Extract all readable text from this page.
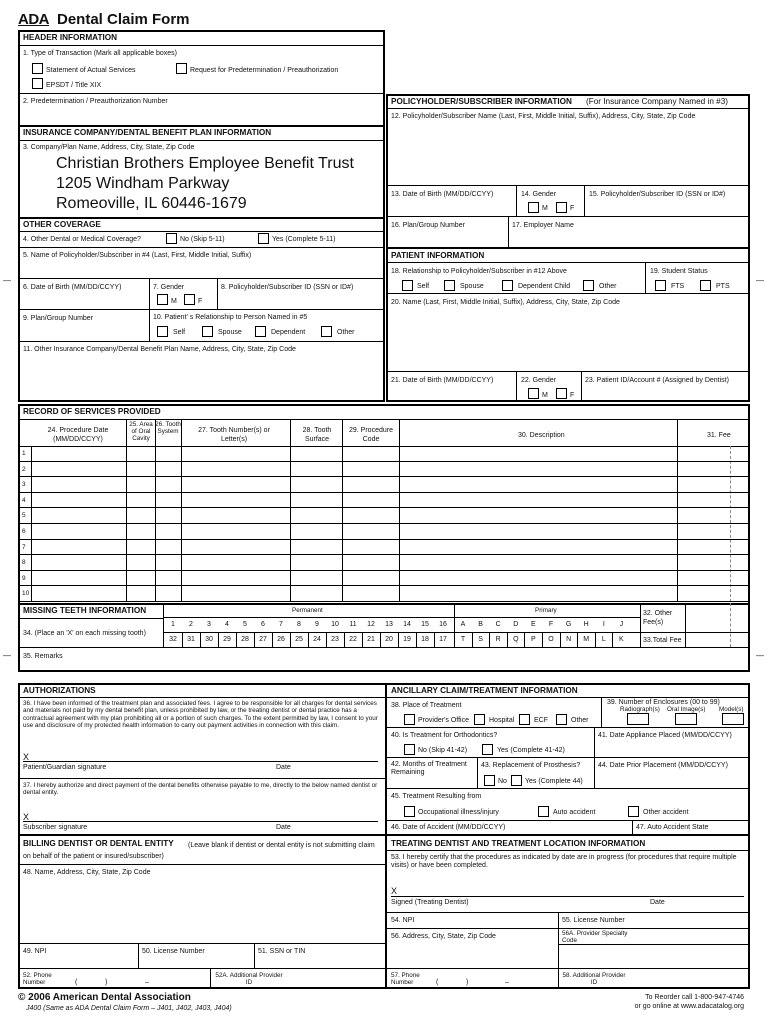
ADA Dental Claim Form
HEADER INFORMATION
1. Type of Transaction (Mark all applicable boxes)
Statement of Actual Services	Request for Predetermination / Preauthorization
EPSDT / Title XIX
2. Predetermination / Preauthorization Number
INSURANCE COMPANY/DENTAL BENEFIT PLAN INFORMATION
3. Company/Plan Name, Address, City, State, Zip Code
Christian Brothers Employee Benefit Trust
1205 Windham Parkway
Romeoville, IL 60446-1679
OTHER COVERAGE
4. Other Dental or Medical Coverage?	No (Skip 5-11)	Yes (Complete 5-11)
5. Name of Policyholder/Subscriber in #4 (Last, First, Middle Initial, Suffix)
6. Date of Birth (MM/DD/CCYY)	7. Gender
M	F
8. Policyholder/Subscriber ID (SSN or ID#)
9. Plan/Group Number	10. Patient' s Relationship to Person Named in #5
Self	Spouse	Dependent	Other
11. Other Insurance Company/Dental Benefit Plan Name, Address, City, State, Zip Code
POLICYHOLDER/SUBSCRIBER INFORMATION (For Insurance Company Named in #3)
12. Policyholder/Subscriber Name (Last, First, Middle Initial, Suffix), Address, City, State, Zip Code
13. Date of Birth (MM/DD/CCYY)	14. Gender
M	F
15. Policyholder/Subscriber ID (SSN or ID#)
16. Plan/Group Number	17. Employer Name
PATIENT INFORMATION
18. Relationship to Policyholder/Subscriber in #12 Above
Self	Spouse	Dependent Child	Other
19. Student Status
FTS	PTS
20. Name (Last, First, Middle Initial, Suffix), Address, City, State, Zip Code
21. Date of Birth (MM/DD/CCYY)	22. Gender
M	F
23. Patient ID/Account # (Assigned by Dentist)
RECORD OF SERVICES PROVIDED
24. Procedure Date (MM/DD/CCYY)
25. Area of Oral Cavity
26. Tooth System	27. Tooth Number(s) or Letter(s)
28. Tooth Surface
29. Procedure Code
30. Description	31. Fee
1
2
3
4
5
6
7
8
9
10
MISSING TEETH INFORMATION
34. (Place an 'X' on each missing tooth)
Permanent	Primary
1	2	3	4	5	6	7	8	9	10	11	12	13	14	15	16
32	31	30	29	28	27	26	25	24	23	22	21	20	19	18	17
A	B	C	D	E	F	G	H	I	J
T	S	R	Q	P	O	N	M	L	K
32. Other Fee(s)
33.Total Fee
35. Remarks
AUTHORIZATIONS
36. I have been informed of the treatment plan and associated fees. I agree to be responsible for all charges for dental services and materials not paid by my dental benefit plan, unless prohibited by law, or the treating dentist or dental practice has a contractual agreement with my plan prohibiting all or a portion of such charges. To the extent permitted by law, I consent to your use and disclosure of my protected health information to carry out payment activities in connection with this claim.
X
Patient/Guardian signature	Date
37. I hereby authorize and direct payment of the dental benefits otherwise payable to me, directly to the below named dentist or dental entity.
X
Subscriber signature	Date
BILLING DENTIST OR DENTAL ENTITY	(Leave blank if dentist or dental entity is not submitting claim on behalf of the patient or insured/subscriber)
48. Name, Address, City, State, Zip Code
49. NPI	50. License Number	51. SSN or TIN
52. Phone Number	(	)	–
52A. Additional Provider ID
ANCILLARY CLAIM/TREATMENT INFORMATION
38. Place of Treatment
Provider's Office	Hospital	ECF	Other
39. Number of Enclosures (00 to 99)
Radiograph(s) Oral Image(s) Model(s)
40. Is Treatment for Orthodontics?
No (Skip 41-42)	Yes (Complete 41-42)
41. Date Appliance Placed (MM/DD/CCYY)
42. Months of Treatment Remaining
43. Replacement of Prosthesis?
No	Yes (Complete 44)
44. Date Prior Placement (MM/DD/CCYY)
45. Treatment Resulting from
Occupational illness/injury	Auto accident	Other accident
46. Date of Accident (MM/DD/CCYY)	47. Auto Accident State
TREATING DENTIST AND TREATMENT LOCATION INFORMATION
53. I hereby certify that the procedures as indicated by date are in progress (for procedures that require multiple visits) or have been completed.
X
Signed (Treating Dentist)	Date
54. NPI	55. License Number
56. Address, City, State, Zip Code	56A. Provider Specialty Code
57. Phone Number	(	)	–
58. Additional Provider ID
© 2006 American Dental Association
J400 (Same as ADA Dental Claim Form – J401, J402, J403, J404)
To Reorder call 1-800-947-4746
or go online at www.adacatalog.org
—	—
—	—
